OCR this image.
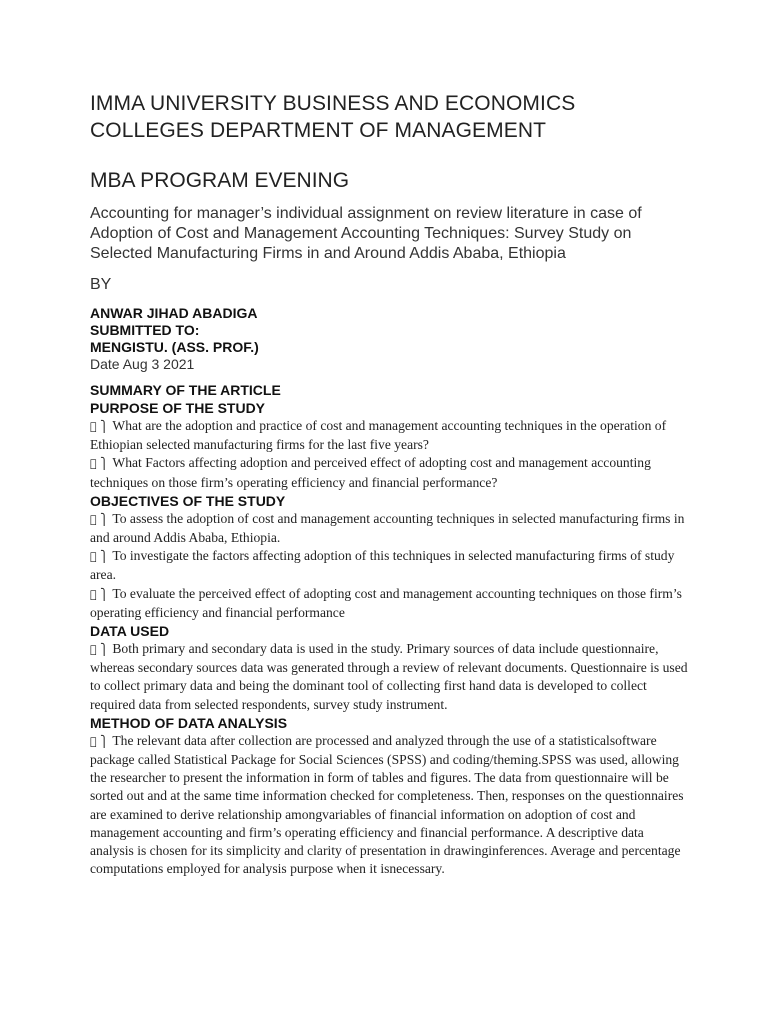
IMMA UNIVERSITY BUSINESS AND ECONOMICS
COLLEGES DEPARTMENT OF MANAGEMENT
MBA PROGRAM EVENING

Accounting for manager’s individual assignment on review literature in case of Adoption of Cost and Management Accounting Techniques: Survey Study on Selected Manufacturing Firms in and Around Addis Ababa, Ethiopia

BY

ANWAR JIHAD ABADIGA

SUBMITTED TO:

MENGISTU. (ASS. PROF.)

Date Aug 3 2021

SUMMARY OF THE ARTICLE

PURPOSE OF THE STUDY

⎫ What are the adoption and practice of cost and management accounting techniques in the operation of Ethiopian selected manufacturing firms for the last five years?

⎫ What Factors affecting adoption and perceived effect of adopting cost and management accounting techniques on those firm’s operating efficiency and financial performance?

OBJECTIVES OF THE STUDY

⎫ To assess the adoption of cost and management accounting techniques in selected manufacturing firms in and around Addis Ababa, Ethiopia.

⎫ To investigate the factors affecting adoption of this techniques in selected manufacturing firms of study area.

⎫ To evaluate the perceived effect of adopting cost and management accounting techniques on those firm’s operating efficiency and financial performance

DATA USED

⎫ Both primary and secondary data is used in the study. Primary sources of data include questionnaire, whereas secondary sources data was generated through a review of relevant documents. Questionnaire is used to collect primary data and being the dominant tool of collecting first hand data is developed to collect required data from selected respondents, survey study instrument.

METHOD OF DATA ANALYSIS

⎫ The relevant data after collection are processed and analyzed through the use of a statisticalsoftware package called Statistical Package for Social Sciences (SPSS) and coding/theming.SPSS was used, allowing the researcher to present the information in form of tables and figures. The data from questionnaire will be sorted out and at the same time information checked for completeness. Then, responses on the questionnaires are examined to derive relationship amongvariables of financial information on adoption of cost and management accounting and firm’s operating efficiency and financial performance. A descriptive data analysis is chosen for its simplicity and clarity of presentation in drawinginferences. Average and percentage computations employed for analysis purpose when it isnecessary.
